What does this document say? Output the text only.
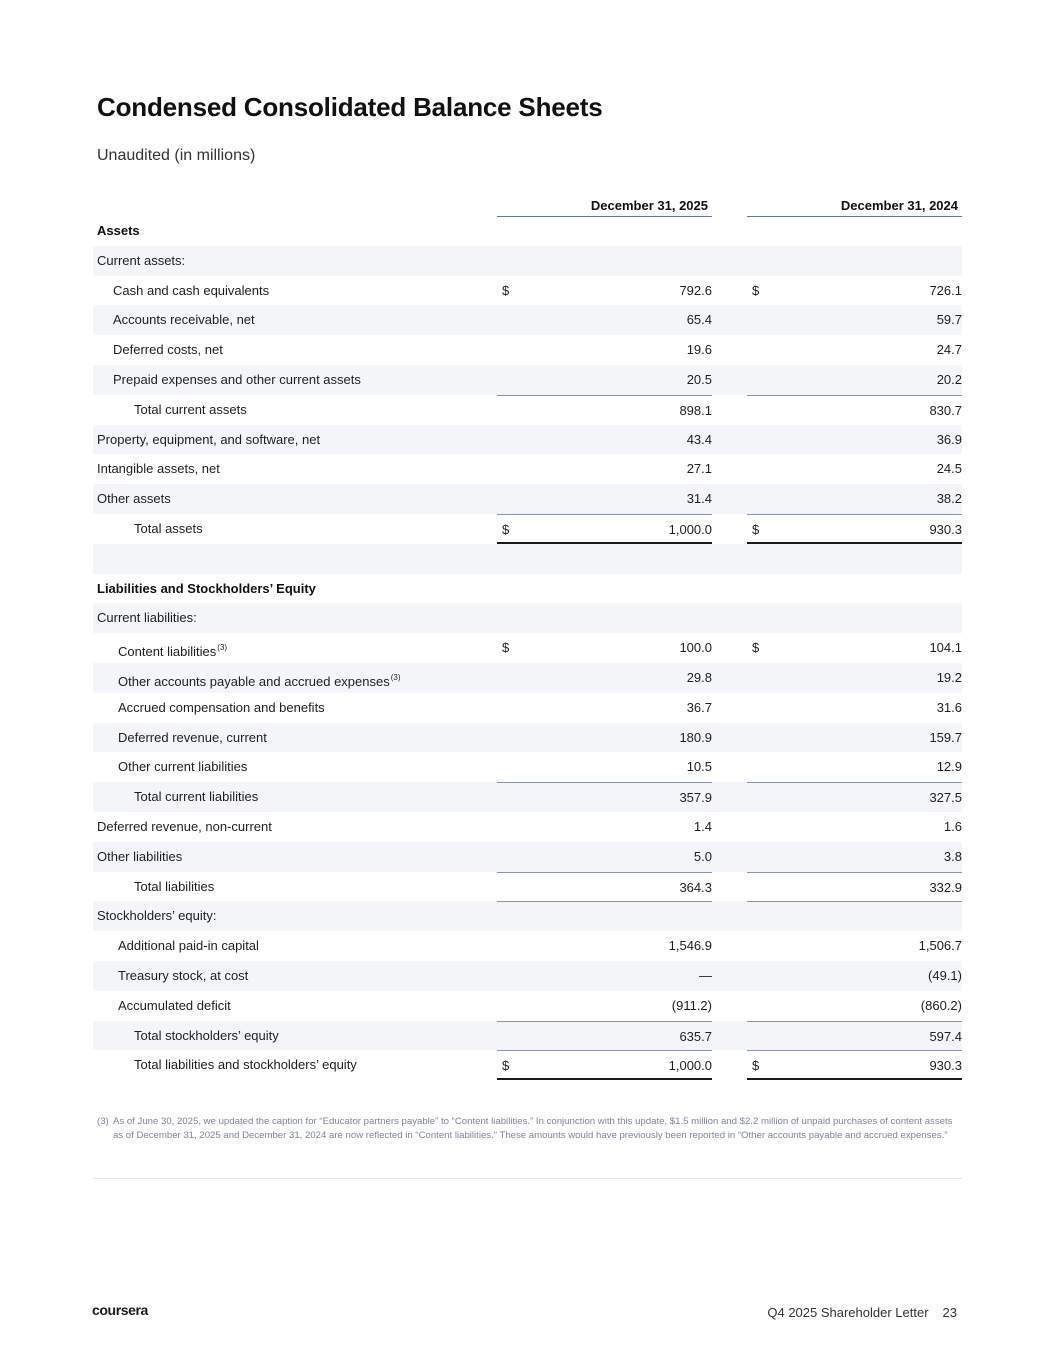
Condensed Consolidated Balance Sheets

Unaudited (in millions)

December 31, 2025	December 31, 2024
Assets
Current assets:
Cash and cash equivalents	$	792.6	$	726.1
Accounts receivable, net	65.4	59.7
Deferred costs, net	19.6	24.7
Prepaid expenses and other current assets	20.5	20.2
Total current assets	898.1	830.7
Property, equipment, and software, net	43.4	36.9
Intangible assets, net	27.1	24.5
Other assets	31.4	38.2
Total assets	$	1,000.0	$	930.3
Liabilities and Stockholders’ Equity
Current liabilities:
Content liabilities$^{(3)}$	$	100.0	$	104.1
Other accounts payable and accrued expenses$^{(3)}$	29.8	19.2
Accrued compensation and benefits	36.7	31.6
Deferred revenue, current	180.9	159.7
Other current liabilities	10.5	12.9
Total current liabilities	357.9	327.5
Deferred revenue, non-current	1.4	1.6
Other liabilities	5.0	3.8
Total liabilities	364.3	332.9
Stockholders’ equity:
Additional paid-in capital	1,546.9	1,506.7
Treasury stock, at cost	—	(49.1)
Accumulated deficit	(911.2)	(860.2)
Total stockholders’ equity	635.7	597.4
Total liabilities and stockholders’ equity	$	1,000.0	$	930.3
(3) As of June 30, 2025, we updated the caption for “Educator partners payable” to “Content liabilities.” In conjunction with this update, $1.5 million and $2.2 million of unpaid purchases of content assets as of December 31, 2025 and December 31, 2024 are now reflected in “Content liabilities.” These amounts would have previously been reported in “Other accounts payable and accrued expenses.”
coursera	Q4 2025 Shareholder Letter 23
